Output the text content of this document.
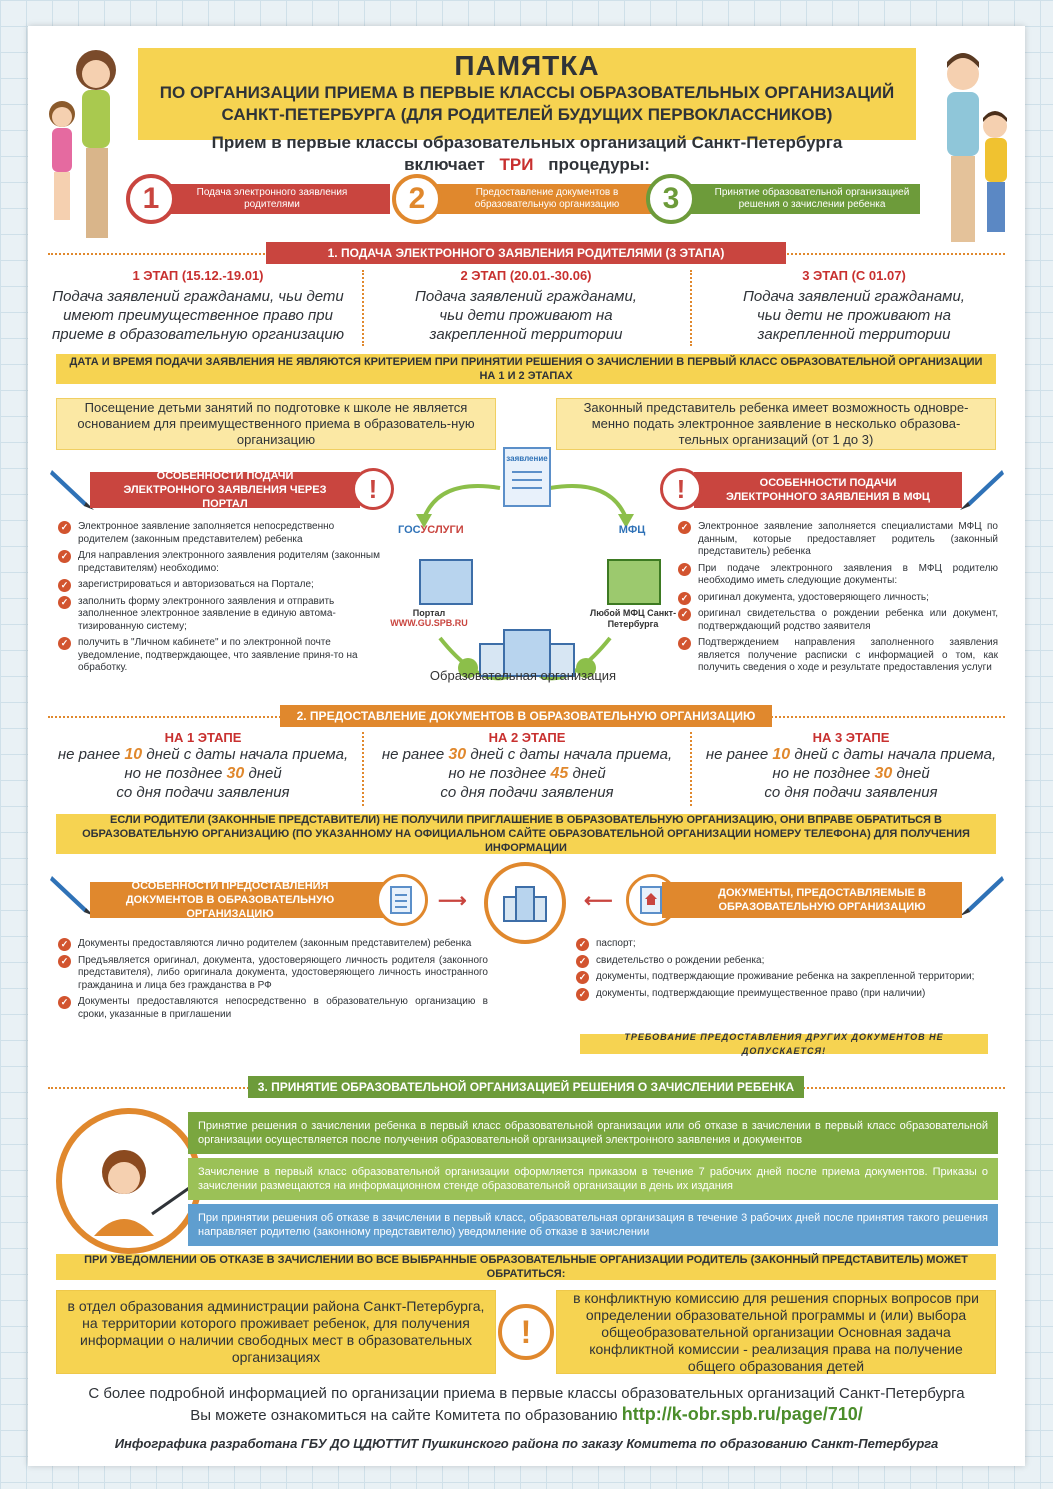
ПАМЯТКА
ПО ОРГАНИЗАЦИИ ПРИЕМА В ПЕРВЫЕ КЛАССЫ ОБРАЗОВАТЕЛЬНЫХ ОРГАНИЗАЦИЙ
САНКТ-ПЕТЕРБУРГА (ДЛЯ РОДИТЕЛЕЙ БУДУЩИХ ПЕРВОКЛАССНИКОВ)
Прием в первые классы образовательных организаций Санкт-Петербурга
включает ТРИ процедуры:
Подача электронного заявления родителями
1	Предоставление документов в образовательную организацию
2	Принятие образовательной организацией решения о зачислении ребенка
3
1. ПОДАЧА ЭЛЕКТРОННОГО ЗАЯВЛЕНИЯ РОДИТЕЛЯМИ (3 ЭТАПА)
1 ЭТАП (15.12.-19.01)
Подача заявлений гражданами, чьи дети имеют преимущественное право при приеме в образовательную организацию
2 ЭТАП (20.01.-30.06)
Подача заявлений гражданами, чьи дети проживают на закрепленной территории
3 ЭТАП (С 01.07)
Подача заявлений гражданами, чьи дети не проживают на закрепленной территории
ДАТА И ВРЕМЯ ПОДАЧИ ЗАЯВЛЕНИЯ НЕ ЯВЛЯЮТСЯ КРИТЕРИЕМ ПРИ ПРИНЯТИИ РЕШЕНИЯ О ЗАЧИСЛЕНИИ В ПЕРВЫЙ КЛАСС ОБРАЗОВАТЕЛЬНОЙ ОРГАНИЗАЦИИ НА 1 И 2 ЭТАПАХ
Посещение детьми занятий по подготовке к школе не является основанием для преимущественного приема в образователь-ную организацию
Законный представитель ребенка имеет возможность одновре-менно подать электронное заявление в несколько образова-тельных организаций (от 1 до 3)
ОСОБЕННОСТИ ПОДАЧИ ЭЛЕКТРОННОГО ЗАЯВЛЕНИЯ ЧЕРЕЗ ПОРТАЛ
!
✓ Электронное заявление заполняется непосредственно родителем (законным представителем) ребенка
✓ Для направления электронного заявления родителям (законным представителям) необходимо:
✓ зарегистрироваться и авторизоваться на Портале;
✓ заполнить форму электронного заявления и отправить заполненное электронное заявление в единую автома-тизированную систему;
✓ получить в "Личном кабинете" и по электронной почте уведомление, подтверждающее, что заявление приня-то на обработку.
заявление
ГОСУСЛУГИ
Портал
WWW.GU.SPB.RU
МФЦ
Любой МФЦ Санкт-Петербурга
Образовательная организация
ОСОБЕННОСТИ ПОДАЧИ ЭЛЕКТРОННОГО ЗАЯВЛЕНИЯ В МФЦ
!
✓ Электронное заявление заполняется специалистами МФЦ по данным, которые предоставляет родитель (законный представитель) ребенка
✓ При подаче электронного заявления в МФЦ родителю необходимо иметь следующие документы:
✓ оригинал документа, удостоверяющего личность;
✓ оригинал свидетельства о рождении ребенка или документ, подтверждающий родство заявителя
✓ Подтверждением направления заполненного заявления является получение расписки с информацией о том, как получить сведения о ходе и результате предоставления услуги
2. ПРЕДОСТАВЛЕНИЕ ДОКУМЕНТОВ В ОБРАЗОВАТЕЛЬНУЮ ОРГАНИЗАЦИЮ
НА 1 ЭТАПЕ
не ранее 10 дней с даты начала приема,
но не позднее 30 дней
со дня подачи заявления
НА 2 ЭТАПЕ
не ранее 30 дней с даты начала приема,
но не позднее 45 дней
со дня подачи заявления
НА 3 ЭТАПЕ
не ранее 10 дней с даты начала приема,
но не позднее 30 дней
со дня подачи заявления
ЕСЛИ РОДИТЕЛИ (ЗАКОННЫЕ ПРЕДСТАВИТЕЛИ) НЕ ПОЛУЧИЛИ ПРИГЛАШЕНИЕ В ОБРАЗОВАТЕЛЬНУЮ ОРГАНИЗАЦИЮ, ОНИ ВПРАВЕ ОБРАТИТЬСЯ В ОБРАЗОВАТЕЛЬНУЮ ОРГАНИЗАЦИЮ (ПО УКАЗАННОМУ НА ОФИЦИАЛЬНОМ САЙТЕ ОБРАЗОВАТЕЛЬНОЙ ОРГАНИЗАЦИИ НОМЕРУ ТЕЛЕФОНА) ДЛЯ ПОЛУЧЕНИЯ ИНФОРМАЦИИ
ОСОБЕННОСТИ ПРЕДОСТАВЛЕНИЯ ДОКУМЕНТОВ В ОБРАЗОВАТЕЛЬНУЮ ОРГАНИЗАЦИЮ
⟶	⟵
✓ Документы предоставляются лично родителем (законным представителем) ребенка
✓ Предъявляется оригинал, документа, удостоверяющего личность родителя (законного представителя), либо оригинала документа, удостоверяющего личность иностранного гражданина и лица без гражданства в РФ
✓ Документы предоставляются непосредственно в образовательную организацию в сроки, указанные в приглашении
ДОКУМЕНТЫ, ПРЕДОСТАВЛЯЕМЫЕ В ОБРАЗОВАТЕЛЬНУЮ ОРГАНИЗАЦИЮ
✓ паспорт;
✓ свидетельство о рождении ребенка;
✓ документы, подтверждающие проживание ребенка на закрепленной территории;
✓ документы, подтверждающие преимущественное право (при наличии)
ТРЕБОВАНИЕ ПРЕДОСТАВЛЕНИЯ ДРУГИХ ДОКУМЕНТОВ НЕ ДОПУСКАЕТСЯ!
3. ПРИНЯТИЕ ОБРАЗОВАТЕЛЬНОЙ ОРГАНИЗАЦИЕЙ РЕШЕНИЯ О ЗАЧИСЛЕНИИ РЕБЕНКА
Принятие решения о зачислении ребенка в первый класс образовательной организации или об отказе в зачислении в первый класс образовательной организации осуществляется после получения образовательной организацией электронного заявления и документов
Зачисление в первый класс образовательной организации оформляется приказом в течение 7 рабочих дней после приема документов. Приказы о зачислении размещаются на информационном стенде образовательной организации в день их издания
При принятии решения об отказе в зачислении в первый класс, образовательная организация в течение 3 рабочих дней после принятия такого решения направляет родителю (законному представителю) уведомление об отказе в зачислении
ПРИ УВЕДОМЛЕНИИ ОБ ОТКАЗЕ В ЗАЧИСЛЕНИИ ВО ВСЕ ВЫБРАННЫЕ ОБРАЗОВАТЕЛЬНЫЕ ОРГАНИЗАЦИИ РОДИТЕЛЬ (ЗАКОННЫЙ ПРЕДСТАВИТЕЛЬ) МОЖЕТ ОБРАТИТЬСЯ:
в отдел образования администрации района Санкт-Петербурга, на территории которого проживает ребенок, для получения информации о наличии свободных мест в образовательных организациях
!
в конфликтную комиссию для решения спорных вопросов при определении образовательной программы и (или) выбора общеобразовательной организации Основная задача конфликтной комиссии - реализация права на получение общего образования детей
С более подробной информацией по организации приема в первые классы образовательных организаций Санкт-Петербурга
Вы можете ознакомиться на сайте Комитета по образованию http://k-obr.spb.ru/page/710/
Инфографика разработана ГБУ ДО ЦДЮТТИТ Пушкинского района по заказу Комитета по образованию Санкт-Петербурга
